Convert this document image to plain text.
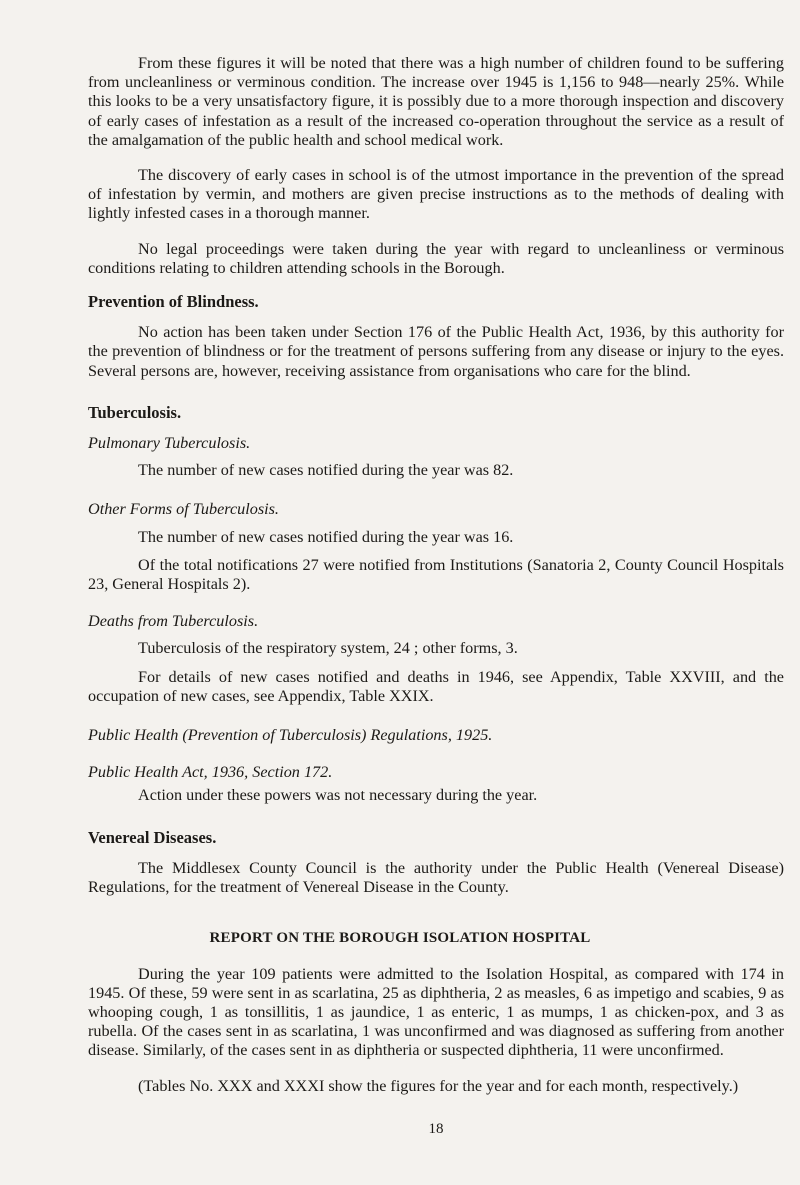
From these figures it will be noted that there was a high number of children found to be suffering from uncleanliness or verminous condition. The increase over 1945 is 1,156 to 948—nearly 25%. While this looks to be a very unsatisfactory figure, it is possibly due to a more thorough inspection and discovery of early cases of infestation as a result of the increased co-operation throughout the service as a result of the amalgamation of the public health and school medical work.

The discovery of early cases in school is of the utmost importance in the prevention of the spread of infestation by vermin, and mothers are given precise instructions as to the methods of dealing with lightly infested cases in a thorough manner.

No legal proceedings were taken during the year with regard to uncleanliness or verminous conditions relating to children attending schools in the Borough.

Prevention of Blindness.

No action has been taken under Section 176 of the Public Health Act, 1936, by this authority for the prevention of blindness or for the treatment of persons suffering from any disease or injury to the eyes. Several persons are, however, receiving assistance from organisations who care for the blind.

Tuberculosis.
Pulmonary Tuberculosis.

The number of new cases notified during the year was 82.

Other Forms of Tuberculosis.

The number of new cases notified during the year was 16.

Of the total notifications 27 were notified from Institutions (Sanatoria 2, County Council Hospitals 23, General Hospitals 2).

Deaths from Tuberculosis.

Tuberculosis of the respiratory system, 24 ; other forms, 3.

For details of new cases notified and deaths in 1946, see Appendix, Table XXVIII, and the occupation of new cases, see Appendix, Table XXIX.

Public Health (Prevention of Tuberculosis) Regulations, 1925.
Public Health Act, 1936, Section 172.

Action under these powers was not necessary during the year.

Venereal Diseases.

The Middlesex County Council is the authority under the Public Health (Venereal Disease) Regulations, for the treatment of Venereal Disease in the County.

REPORT ON THE BOROUGH ISOLATION HOSPITAL

During the year 109 patients were admitted to the Isolation Hospital, as compared with 174 in 1945. Of these, 59 were sent in as scarlatina, 25 as diphtheria, 2 as measles, 6 as impetigo and scabies, 9 as whooping cough, 1 as tonsillitis, 1 as jaundice, 1 as enteric, 1 as mumps, 1 as chicken-pox, and 3 as rubella. Of the cases sent in as scarlatina, 1 was unconfirmed and was diagnosed as suffering from another disease. Similarly, of the cases sent in as diphtheria or suspected diphtheria, 11 were unconfirmed.

(Tables No. XXX and XXXI show the figures for the year and for each month, respectively.)

18
